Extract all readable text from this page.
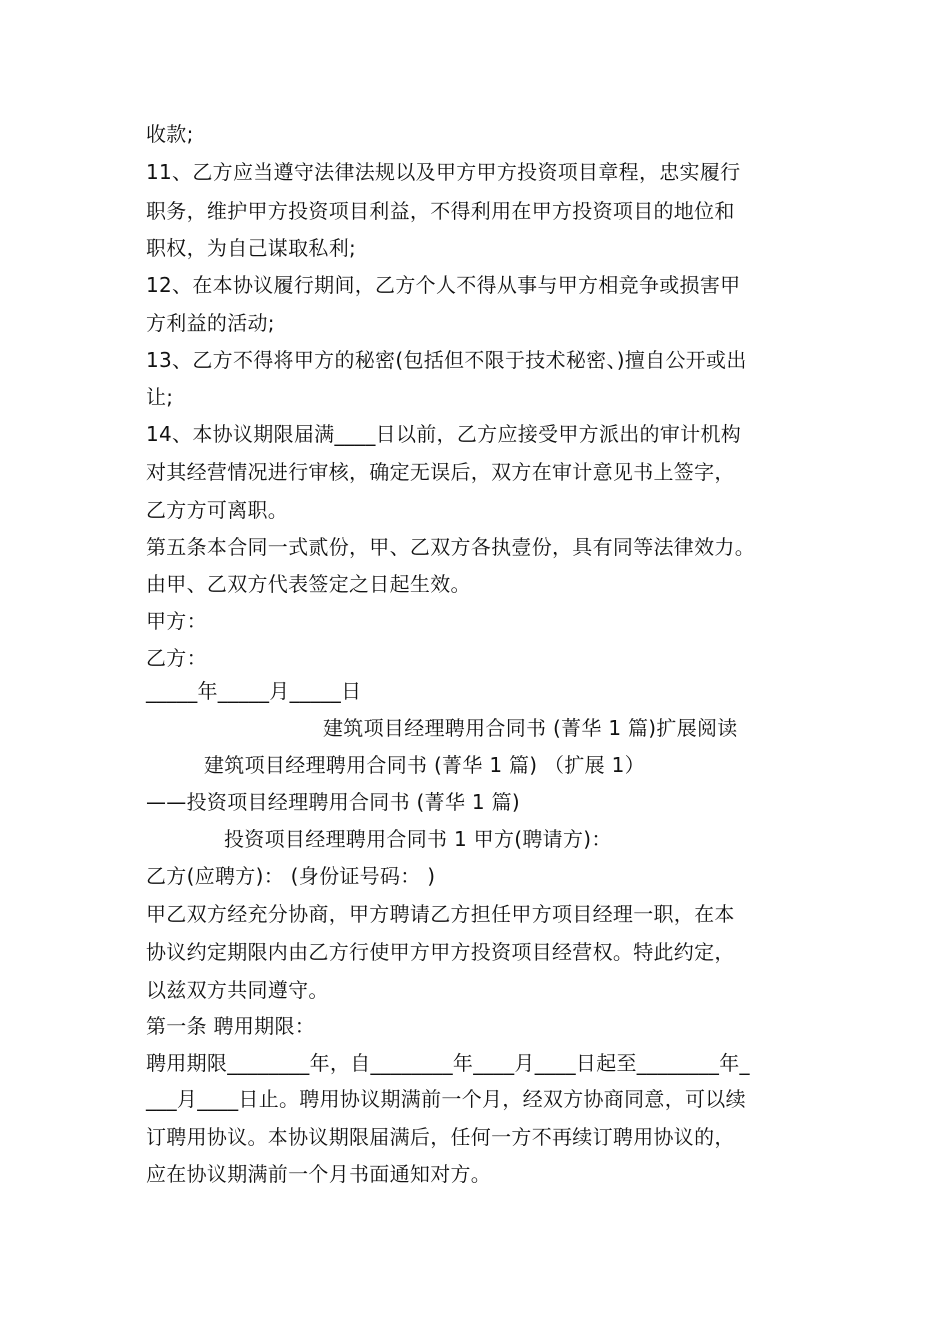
收款;
11、乙方应当遵守法律法规以及甲方甲方投资项目章程，忠实履行
职务，维护甲方投资项目利益，不得利用在甲方投资项目的地位和
职权，为自己谋取私利;
12、在本协议履行期间，乙方个人不得从事与甲方相竞争或损害甲
方利益的活动;
13、乙方不得将甲方的秘密(包括但不限于技术秘密、)擅自公开或出
让;
14、本协议期限届满____日以前，乙方应接受甲方派出的审计机构
对其经营情况进行审核，确定无误后，双方在审计意见书上签字，
乙方方可离职。
第五条本合同一式贰份，甲、乙双方各执壹份，具有同等法律效力。
由甲、乙双方代表签定之日起生效。
甲方：
乙方：
_____年_____月_____日
建筑项目经理聘用合同书 (菁华 1 篇)扩展阅读
建筑项目经理聘用合同书 (菁华 1 篇) （扩展 1）
——投资项目经理聘用合同书 (菁华 1 篇)
投资项目经理聘用合同书 1 甲方(聘请方)：
乙方(应聘方)： (身份证号码： )
甲乙双方经充分协商，甲方聘请乙方担任甲方项目经理一职，在本
协议约定期限内由乙方行使甲方甲方投资项目经营权。特此约定，
以兹双方共同遵守。
第一条 聘用期限：
聘用期限________年，自________年____月____日起至________年_
___月____日止。聘用协议期满前一个月，经双方协商同意，可以续
订聘用协议。本协议期限届满后，任何一方不再续订聘用协议的，
应在协议期满前一个月书面通知对方。
